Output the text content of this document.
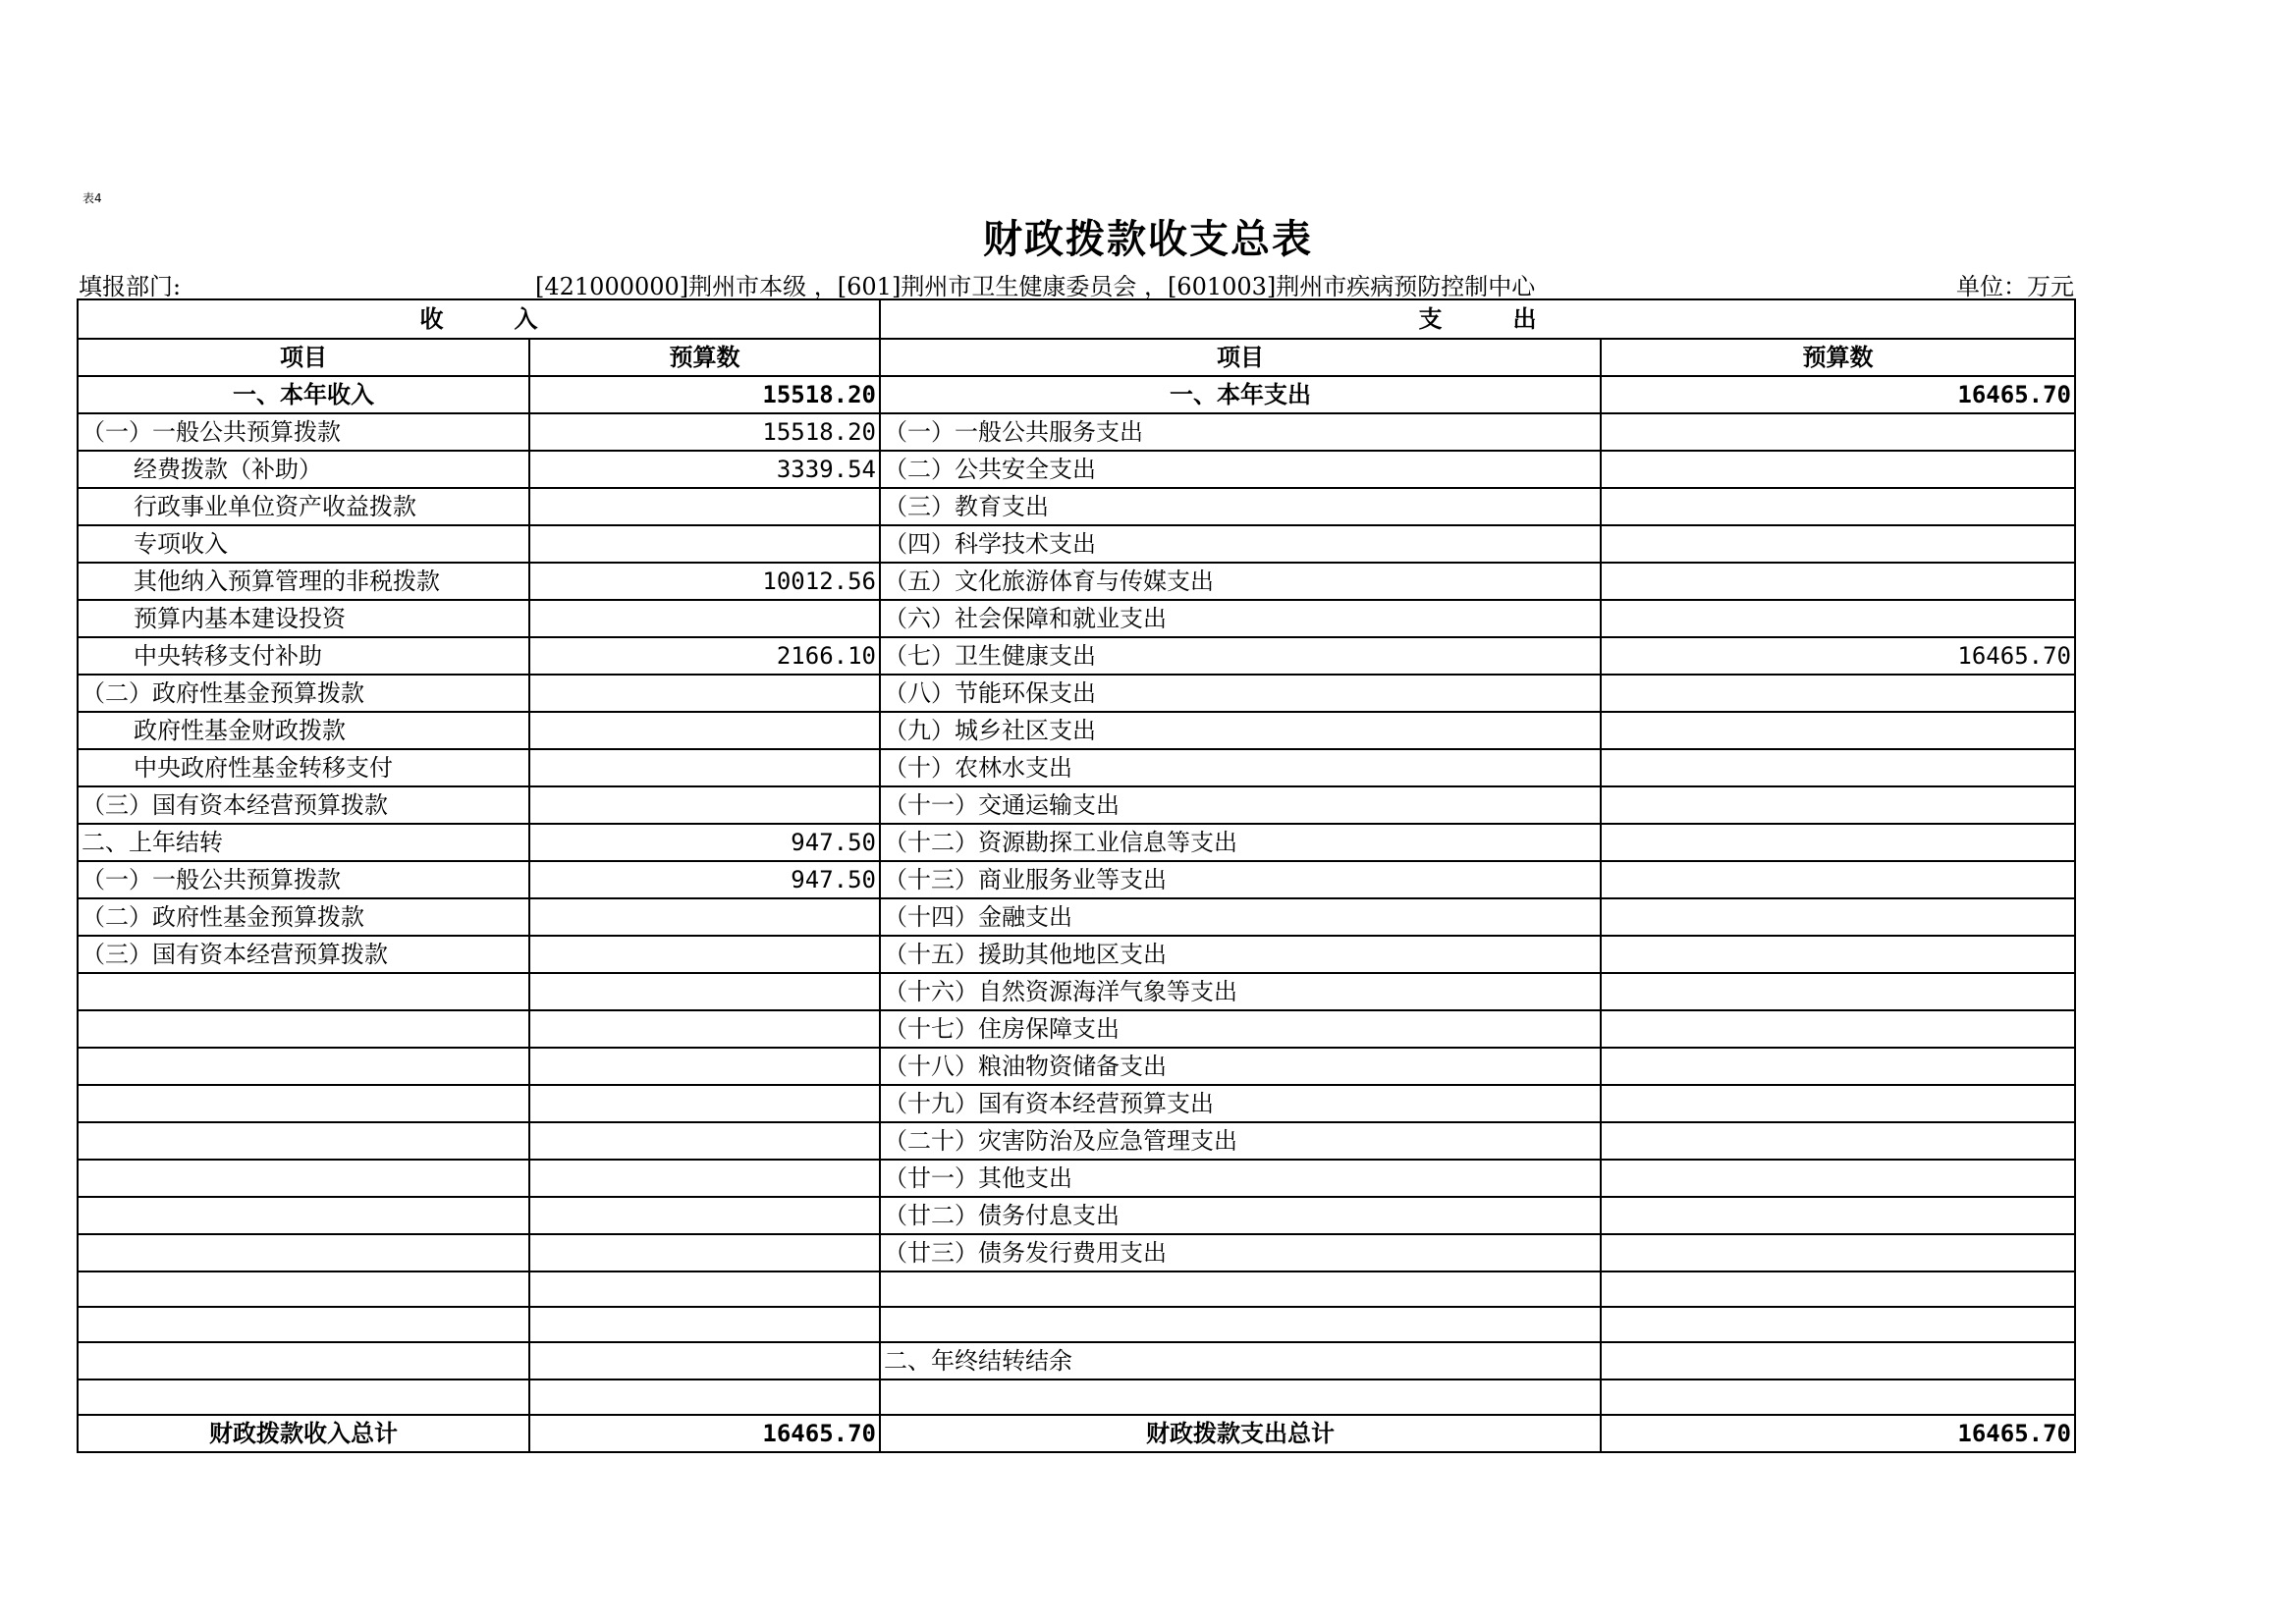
表4
财政拨款收支总表
填报部门:	[421000000]荆州市本级 ，[601]荆州市卫生健康委员会 ，[601003]荆州市疾病预防控制中心	单位：万元
收　　　入		支　　　出	
项目	预算数	项目	预算数
一、本年收入	15518.20	一、本年支出	16465.70
（一）一般公共预算拨款	15518.20	（一）一般公共服务支出	
经费拨款（补助）	3339.54	（二）公共安全支出	
行政事业单位资产收益拨款		（三）教育支出	
专项收入		（四）科学技术支出	
其他纳入预算管理的非税拨款	10012.56	（五）文化旅游体育与传媒支出	
预算内基本建设投资		（六）社会保障和就业支出	
中央转移支付补助	2166.10	（七）卫生健康支出	16465.70
（二）政府性基金预算拨款		（八）节能环保支出	
政府性基金财政拨款		（九）城乡社区支出	
中央政府性基金转移支付		（十）农林水支出	
（三）国有资本经营预算拨款		（十一）交通运输支出	
二、上年结转	947.50	（十二）资源勘探工业信息等支出	
（一）一般公共预算拨款	947.50	（十三）商业服务业等支出	
（二）政府性基金预算拨款		（十四）金融支出	
（三）国有资本经营预算拨款		（十五）援助其他地区支出	
		（十六）自然资源海洋气象等支出	
		（十七）住房保障支出	
		（十八）粮油物资储备支出	
		（十九）国有资本经营预算支出	
		（二十）灾害防治及应急管理支出	
		（廿一）其他支出	
		（廿二）债务付息支出	
		（廿三）债务发行费用支出	

		二、年终结转结余	

财政拨款收入总计	16465.70	财政拨款支出总计	16465.70
